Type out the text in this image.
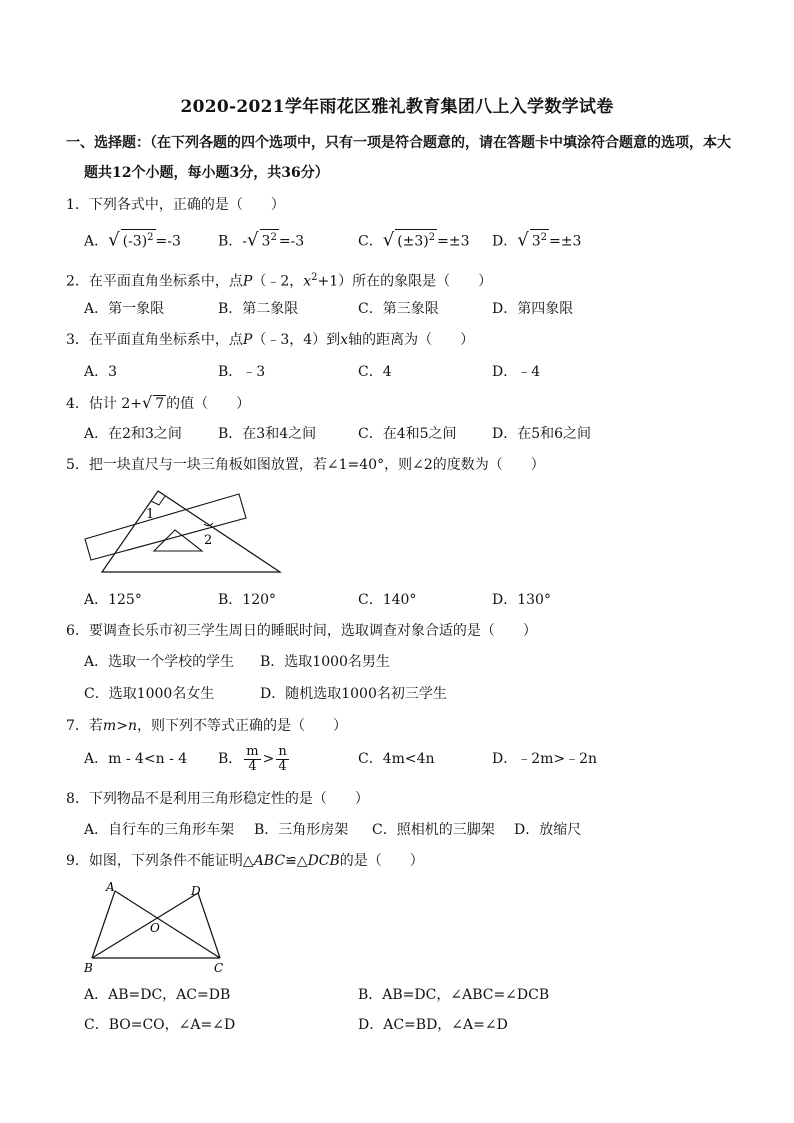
2020-2021学年雨花区雅礼教育集团八上入学数学试卷
一、选择题：（在下列各题的四个选项中，只有一项是符合题意的，请在答题卡中填涂符合题意的选项，本大
题共12个小题，每小题3分，共36分）
1．下列各式中，正确的是（　　）
A．√ $(-3)^2 =-3$	B．-√ $3^2 =-3$	C．√ $(\pm 3)^2 =\pm 3$ D．√ $3^2 =\pm 3$
2．在平面直角坐标系中，点P（﹣2，$x^2+1$）所在的象限是（　　）
A．第一象限	B．第二象限	C．第三象限	D．第四象限
3．在平面直角坐标系中，点P（﹣3，4）到x轴的距离为（　　）
A．3	B．﹣3	C．4	D．﹣4
4．估计 2+√ 7 的值（　　）
A．在2和3之间	B．在3和4之间	C．在4和5之间	D．在5和6之间
5．把一块直尺与一块三角板如图放置，若∠1=40°，则∠2的度数为（　　）
1
2
A．125°	B．120°	C．140°	D．130°
6．要调查长乐市初三学生周日的睡眠时间，选取调查对象合适的是（　　）
A．选取一个学校的学生 B．选取1000名男生
C．选取1000名女生	D．随机选取1000名初三学生
7．若m>n，则下列不等式正确的是（　　）
A．m - 4<n - 4 B． $\frac{m}{4} > \frac{n}{4}$	C．4m<4n	D．﹣2m>﹣2n
8．下列物品不是利用三角形稳定性的是（　　）
A．自行车的三角形车架 B．三角形房架 C．照相机的三脚架 D．放缩尺
9．如图，下列条件不能证明△ABC≌△DCB的是（　　）
A	D
O
B	C
A．AB=DC，AC=DB	B．AB=DC，∠ABC=∠DCB
C．BO=CO，∠A=∠D	D．AC=BD，∠A=∠D
